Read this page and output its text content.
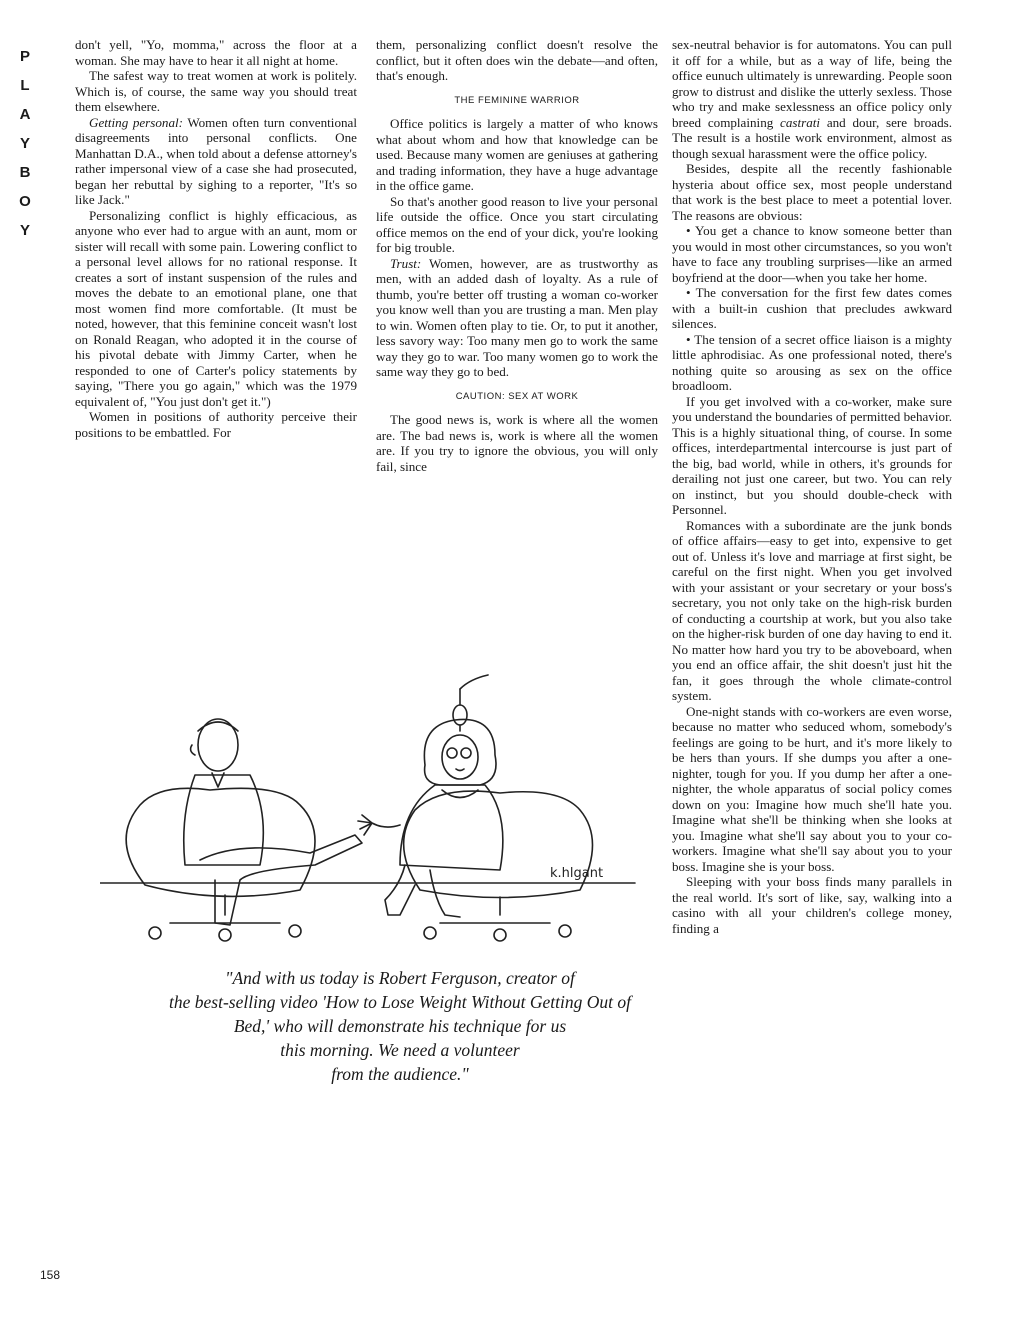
P
L
A
Y
B
O
Y

don't yell, "Yo, momma," across the floor at a woman. She may have to hear it all night at home.

The safest way to treat women at work is politely. Which is, of course, the same way you should treat them elsewhere.

Getting personal: Women often turn conventional disagreements into personal conflicts. One Manhattan D.A., when told about a defense attorney's rather impersonal view of a case she had prosecuted, began her rebuttal by sighing to a reporter, "It's so like Jack."

Personalizing conflict is highly efficacious, as anyone who ever had to argue with an aunt, mom or sister will recall with some pain. Lowering conflict to a personal level allows for no rational response. It creates a sort of instant suspension of the rules and moves the debate to an emotional plane, one that most women find more comfortable. (It must be noted, however, that this feminine conceit wasn't lost on Ronald Reagan, who adopted it in the course of his pivotal debate with Jimmy Carter, when he responded to one of Carter's policy statements by saying, "There you go again," which was the 1979 equivalent of, "You just don't get it.")

Women in positions of authority perceive their positions to be embattled. For

them, personalizing conflict doesn't resolve the conflict, but it often does win the debate—and often, that's enough.

THE FEMININE WARRIOR

Office politics is largely a matter of who knows what about whom and how that knowledge can be used. Because many women are geniuses at gathering and trading information, they have a huge advantage in the office game.

So that's another good reason to live your personal life outside the office. Once you start circulating office memos on the end of your dick, you're looking for big trouble.

Trust: Women, however, are as trustworthy as men, with an added dash of loyalty. As a rule of thumb, you're better off trusting a woman co-worker you know well than you are trusting a man. Men play to win. Women often play to tie. Or, to put it another, less savory way: Too many men go to work the same way they go to war. Too many women go to work the same way they go to bed.

CAUTION: SEX AT WORK

The good news is, work is where all the women are. The bad news is, work is where all the women are. If you try to ignore the obvious, you will only fail, since

sex-neutral behavior is for automatons. You can pull it off for a while, but as a way of life, being the office eunuch ultimately is unrewarding. People soon grow to distrust and dislike the utterly sexless. Those who try and make sexlessness an office policy only breed complaining castrati and dour, sere broads. The result is a hostile work environment, almost as though sexual harassment were the office policy.

Besides, despite all the recently fashionable hysteria about office sex, most people understand that work is the best place to meet a potential lover. The reasons are obvious:

• You get a chance to know someone better than you would in most other circumstances, so you won't have to face any troubling surprises—like an armed boyfriend at the door—when you take her home.

• The conversation for the first few dates comes with a built-in cushion that precludes awkward silences.

• The tension of a secret office liaison is a mighty little aphrodisiac. As one professional noted, there's nothing quite so arousing as sex on the office broadloom.

If you get involved with a co-worker, make sure you understand the boundaries of permitted behavior. This is a highly situational thing, of course. In some offices, interdepartmental intercourse is just part of the big, bad world, while in others, it's grounds for derailing not just one career, but two. You can rely on instinct, but you should double-check with Personnel.

Romances with a subordinate are the junk bonds of office affairs—easy to get into, expensive to get out of. Unless it's love and marriage at first sight, be careful on the first night. When you get involved with your assistant or your secretary or your boss's secretary, you not only take on the high-risk burden of conducting a courtship at work, but you also take on the higher-risk burden of one day having to end it. No matter how hard you try to be aboveboard, when you end an office affair, the shit doesn't just hit the fan, it goes through the whole climate-control system.

One-night stands with co-workers are even worse, because no matter who seduced whom, somebody's feelings are going to be hurt, and it's more likely to be hers than yours. If she dumps you after a one-nighter, tough for you. If you dump her after a one-nighter, the whole apparatus of social policy comes down on you: Imagine how much she'll hate you. Imagine what she'll be thinking when she looks at you. Imagine what she'll say about you to your co-workers. Imagine what she'll say about you to your boss. Imagine she is your boss.

Sleeping with your boss finds many parallels in the real world. It's sort of like, say, walking into a casino with all your children's college money, finding a

k.hlgant
"And with us today is Robert Ferguson, creator of
the best-selling video 'How to Lose Weight Without Getting Out of
Bed,' who will demonstrate his technique for us
this morning. We need a volunteer
from the audience."
158
